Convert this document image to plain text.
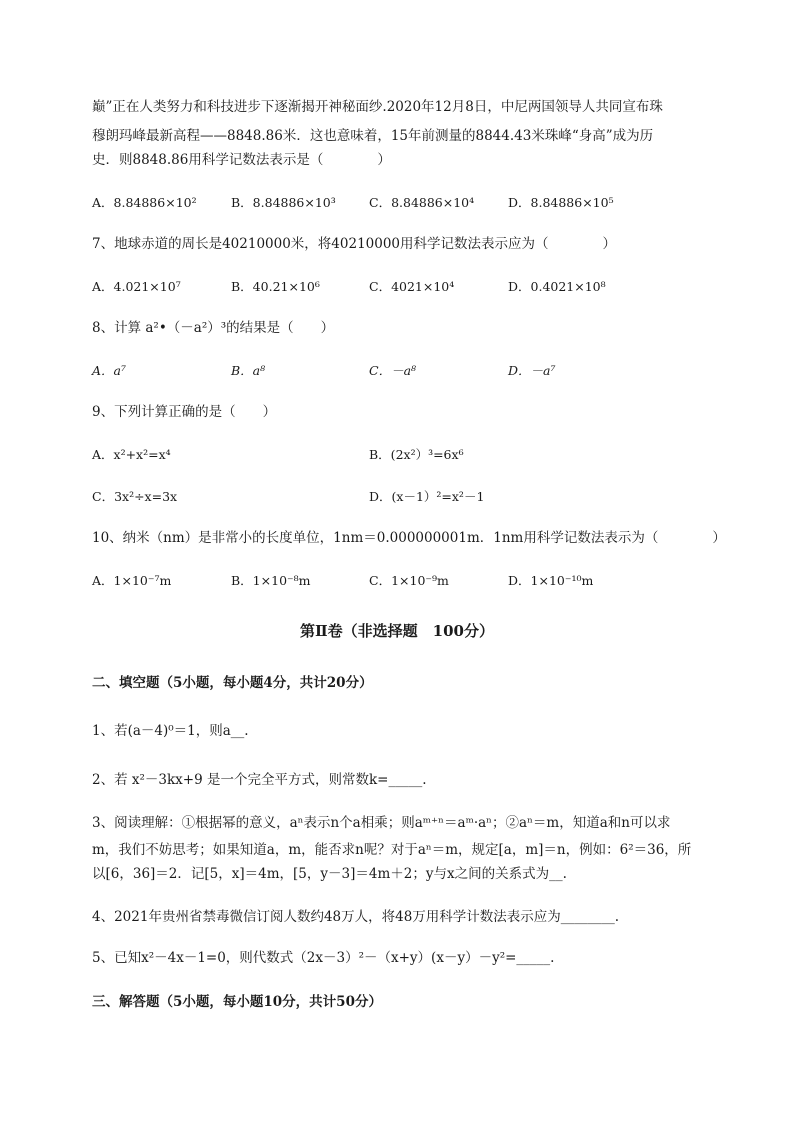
巅”正在人类努力和科技进步下逐渐揭开神秘面纱.2020年12月8日，中尼两国领导人共同宣布珠
穆朗玛峰最新高程——8848.86米．这也意味着，15年前测量的8844.43米珠峰“身高”成为历
史．则8848.86用科学记数法表示是（　　　　）
A．8.84886×10²	B．8.84886×10³	C．8.84886×10⁴	D．8.84886×10⁵
7、地球赤道的周长是40210000米，将40210000用科学记数法表示应为（　　　　）
A．4.021×10⁷	B．40.21×10⁶	C．4021×10⁴	D．0.4021×10⁸
8、计算 a²•（－a²）³的结果是（　　）
A．a⁷	B．a⁸	C．－a⁸	D．－a⁷
9、下列计算正确的是（　　）
A．x²+x²=x⁴	B．(2x²）³=6x⁶
C．3x²÷x=3x	D．(x－1）²=x²－1
10、纳米（nm）是非常小的长度单位，1nm＝0.000000001m．1nm用科学记数法表示为（　　　　）
A．1×10⁻⁷m	B．1×10⁻⁸m	C．1×10⁻⁹m	D．1×10⁻¹⁰m
第Ⅱ卷（非选择题　100分）
二、填空题（5小题，每小题4分，共计20分）
1、若(a－4)⁰＝1，则a__.
2、若 x²－3kx+9 是一个完全平方式，则常数k=_____.
3、阅读理解：①根据幂的意义，aⁿ表示n个a相乘；则aᵐ⁺ⁿ＝aᵐ·aⁿ；②aⁿ＝m，知道a和n可以求
m，我们不妨思考；如果知道a，m，能否求n呢？对于aⁿ＝m，规定[a，m]＝n，例如：6²＝36，所
以[6，36]＝2．记[5，x]＝4m，[5，y－3]＝4m＋2；y与x之间的关系式为__.
4、2021年贵州省禁毒微信订阅人数约48万人，将48万用科学计数法表示应为________.
5、已知x²－4x－1=0，则代数式（2x－3）²－（x+y）(x－y）－y²=_____.
三、解答题（5小题，每小题10分，共计50分）
